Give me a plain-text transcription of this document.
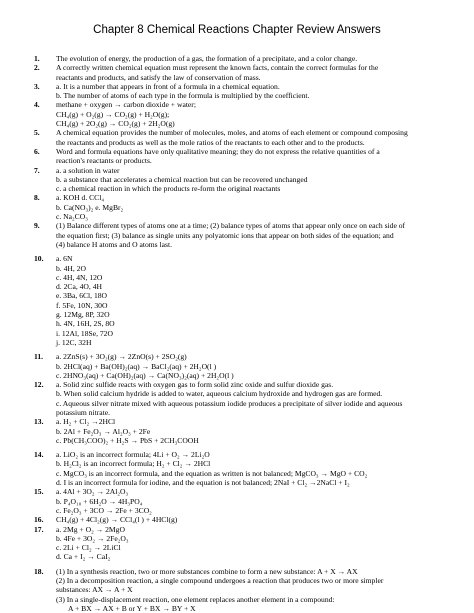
Chapter 8 Chemical Reactions Chapter Review Answers
1.	The evolution of energy, the production of a gas, the formation of a precipitate, and a color change.
2.	A correctly written chemical equation must represent the known facts, contain the correct formulas for the
reactants and products, and satisfy the law of conservation of mass.
3.	a. It is a number that appears in front of a formula in a chemical equation.
b. The number of atoms of each type in the formula is multiplied by the coefficient.
4.	methane + oxygen → carbon dioxide + water;
CH₄(g) + O₂(g) → CO₂(g) + H₂O(g);
CH₄(g) + 2O₂(g) → CO₂(g) + 2H₂O(g)
5.	A chemical equation provides the number of molecules, moles, and atoms of each element or compound composing
the reactants and products as well as the mole ratios of the reactants to each other and to the products.
6.	Word and formula equations have only qualitative meaning; they do not express the relative quantities of a
reaction's reactants or products.
7.	a. a solution in water
b. a substance that accelerates a chemical reaction but can be recovered unchanged
c. a chemical reaction in which the products re-form the original reactants
8.	a. KOH d. CCl₄
b. Ca(NO₃)₂ e. MgBr₂
c. Na₂CO₃
9.	(1) Balance different types of atoms one at a time; (2) balance types of atoms that appear only once on each side of
the equation first; (3) balance as single units any polyatomic ions that appear on both sides of the equation; and
(4) balance H atoms and O atoms last.
10.	a. 6N
b. 4H, 2O
c. 4H, 4N, 12O
d. 2Ca, 4O, 4H
e. 3Ba, 6Cl, 18O
f. 5Fe, 10N, 30O
g. 12Mg, 8P, 32O
h. 4N, 16H, 2S, 8O
i. 12Al, 18Se, 72O
j. 12C, 32H
11.	a. 2ZnS(s) + 3O₂(g) → 2ZnO(s) + 2SO₂(g)
b. 2HCl(aq) + Ba(OH)₂(aq) → BaCl₂(aq) + 2H₂O(l )
c. 2HNO₃(aq) + Ca(OH)₂(aq) → Ca(NO₃)₂(aq) + 2H₂O(l )
12.	a. Solid zinc sulfide reacts with oxygen gas to form solid zinc oxide and sulfur dioxide gas.
b. When solid calcium hydride is added to water, aqueous calcium hydroxide and hydrogen gas are formed.
c. Aqueous silver nitrate mixed with aqueous potassium iodide produces a precipitate of silver iodide and aqueous
potassium nitrate.
13.	a. H₂ + Cl₂ →2HCl
b. 2Al + Fe₂O₃ → Al₂O₃ + 2Fe
c. Pb(CH₃COO)₂ + H₂S → PbS + 2CH₃COOH
14.	a. LiO₂ is an incorrect formula; 4Li + O₂ → 2Li₂O
b. H₂Cl₂ is an incorrect formula; H₂ + Cl₂ → 2HCl
c. MgCO₃ is an incorrect formula, and the equation as written is not balanced; MgCO₃ → MgO + CO₂
d. I is an incorrect formula for iodine, and the equation is not balanced; 2NaI + Cl₂ →2NaCl + I₂
15.	a. 4Al + 3O₂ → 2Al₂O₃
b. P₄O₁₀ + 6H₂O → 4H₃PO₄
c. Fe₂O₃ + 3CO → 2Fe + 3CO₂
16.	CH₄(g) + 4Cl₂(g) → CCl₄(l ) + 4HCl(g)
17.	a. 2Mg + O₂ → 2MgO
b. 4Fe + 3O₂ → 2Fe₂O₃
c. 2Li + Cl₂ → 2LiCl
d. Ca + I₂ → CaI₂
18.	(1) In a synthesis reaction, two or more substances combine to form a new substance: A + X → AX
(2) In a decomposition reaction, a single compound undergoes a reaction that produces two or more simpler
substances: AX → A + X
(3) In a single-displacement reaction, one element replaces another element in a compound:
A + BX → AX + B or Y + BX → BY + X
